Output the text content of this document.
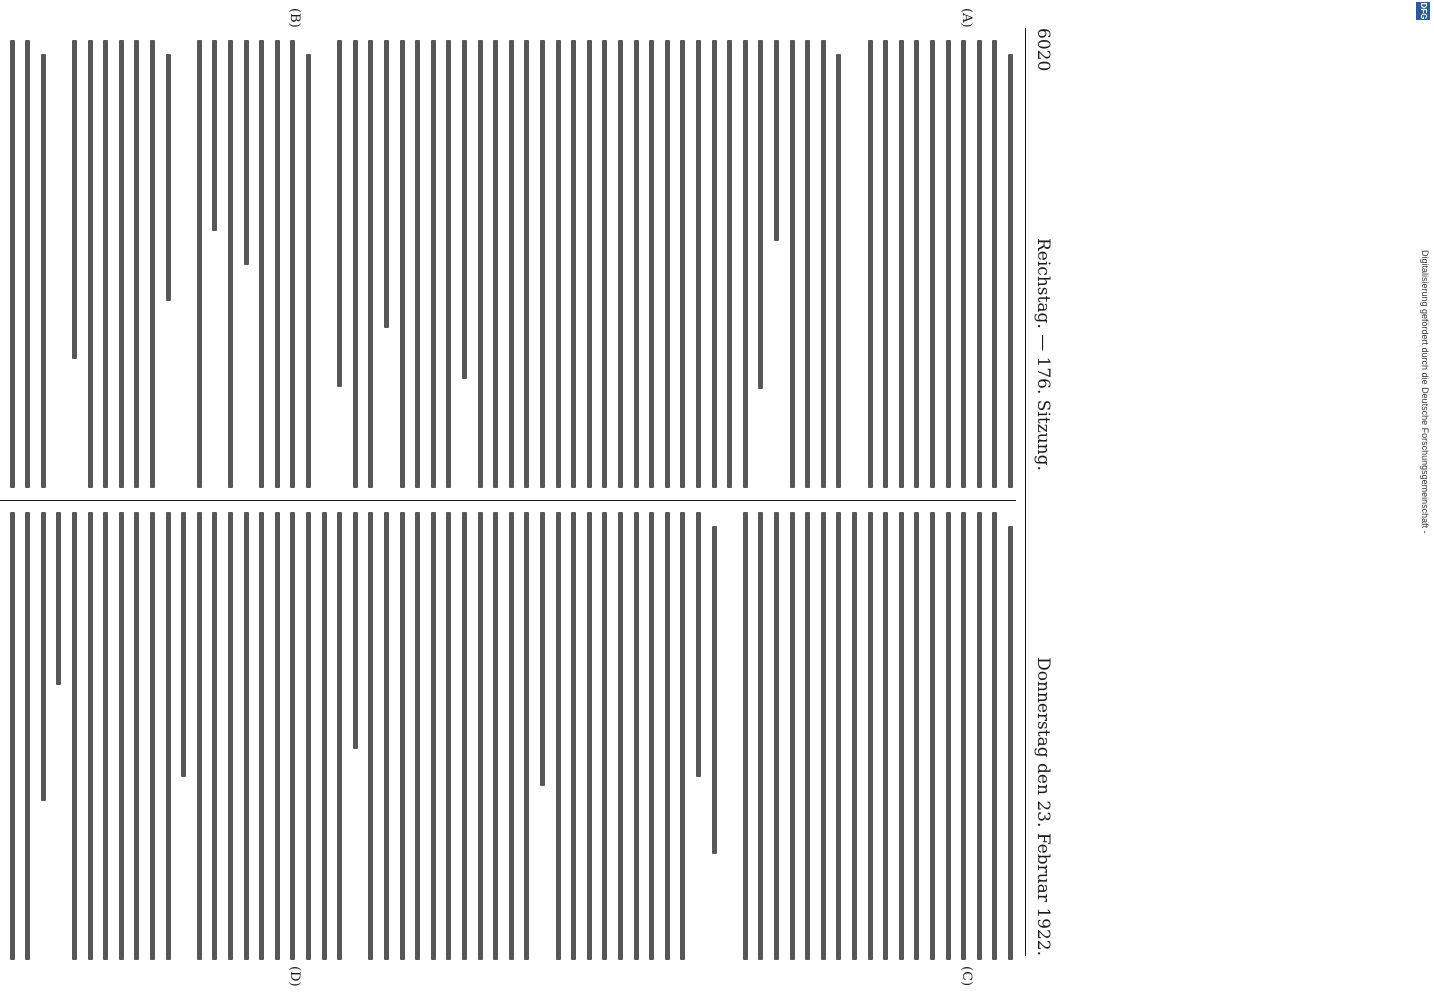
6020
Reichstag. — 176. Sitzung.
Donnerstag den 23. Februar 1922.
(A)
(B)
(C)
(D)
DFG
Digitalisierung gefördert durch die Deutsche Forschungsgemeinschaft -
